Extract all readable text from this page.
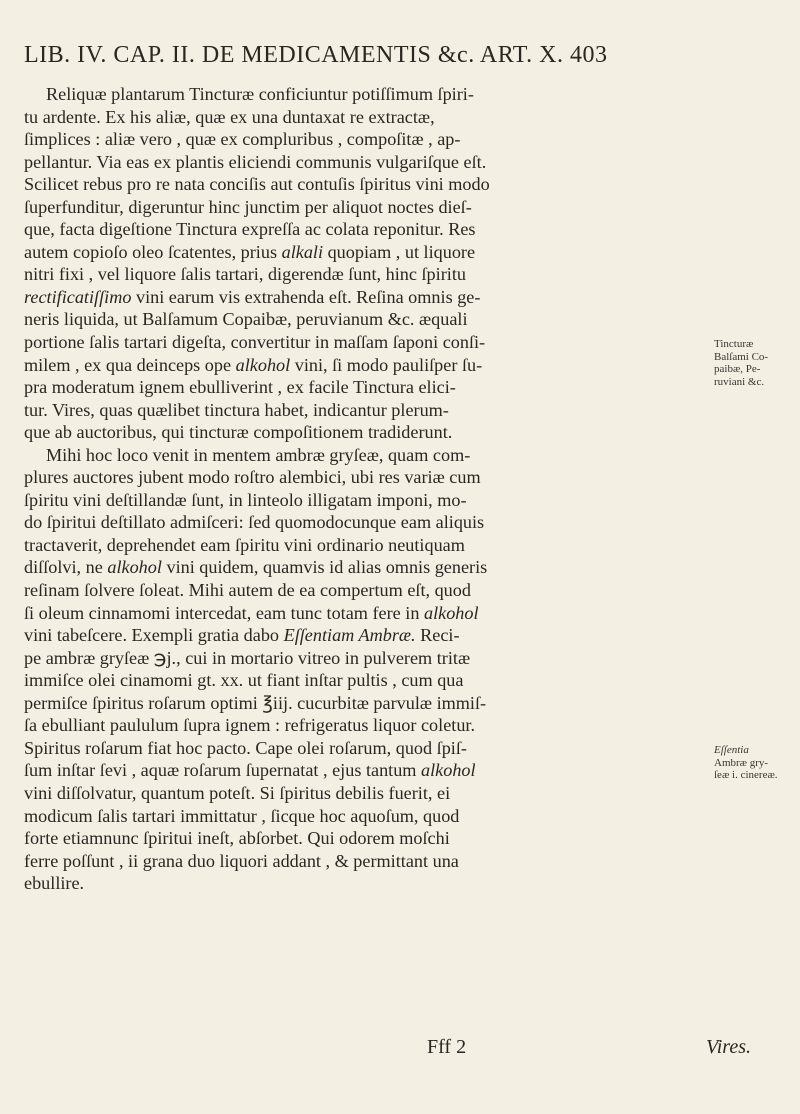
LIB. IV. CAP. II. DE MEDICAMENTIS &c. ART. X. 403
Reliquæ plantarum Tincturæ conficiuntur potiſſimum ſpiri-
tu ardente. Ex his aliæ, quæ ex una duntaxat re extractæ,
ſimplices : aliæ vero , quæ ex compluribus , compoſitæ , ap-
pellantur. Via eas ex plantis eliciendi communis vulgariſque eſt.
Scilicet rebus pro re nata conciſis aut contuſis ſpiritus vini modo
ſuperfunditur, digeruntur hinc junctim per aliquot noctes dieſ-
que, facta digeſtione Tinctura expreſſa ac colata reponitur. Res
autem copioſo oleo ſcatentes, prius alkali quopiam , ut liquore
nitri fixi , vel liquore ſalis tartari, digerendæ ſunt, hinc ſpiritu
rectificatiſſimo vini earum vis extrahenda eſt. Reſina omnis ge-
neris liquida, ut Balſamum Copaibæ, peruvianum &c. æquali
portione ſalis tartari digeſta, convertitur in maſſam ſaponi conſi-
milem , ex qua deinceps ope alkohol vini, ſi modo pauliſper ſu-
pra moderatum ignem ebulliverint , ex facile Tinctura elici-
tur. Vires, quas quælibet tinctura habet, indicantur plerum-
que ab auctoribus, qui tincturæ compoſitionem tradiderunt.
Mihi hoc loco venit in mentem ambræ gryſeæ, quam com-
plures auctores jubent modo roſtro alembici, ubi res variæ cum
ſpiritu vini deſtillandæ ſunt, in linteolo illigatam imponi, mo-
do ſpiritui deſtillato admiſceri: ſed quomodocunque eam aliquis
tractaverit, deprehendet eam ſpiritu vini ordinario neutiquam
diſſolvi, ne alkohol vini quidem, quamvis id alias omnis generis
reſinam ſolvere ſoleat. Mihi autem de ea compertum eſt, quod
ſi oleum cinnamomi intercedat, eam tunc totam fere in alkohol
vini tabeſcere. Exempli gratia dabo Eſſentiam Ambræ. Reci-
pe ambræ gryſeæ ℈j., cui in mortario vitreo in pulverem tritæ
immiſce olei cinamomi gt. xx. ut fiant inſtar pultis , cum qua
permiſce ſpiritus roſarum optimi ℥iij. cucurbitæ parvulæ immiſ-
ſa ebulliant paululum ſupra ignem : refrigeratus liquor coletur.
Spiritus roſarum fiat hoc pacto. Cape olei roſarum, quod ſpiſ-
ſum inſtar ſevi , aquæ roſarum ſupernatat , ejus tantum alkohol
vini diſſolvatur, quantum poteſt. Si ſpiritus debilis fuerit, ei
modicum ſalis tartari immittatur , ſicque hoc aquoſum, quod
forte etiamnunc ſpiritui ineſt, abſorbet. Qui odorem moſchi
ferre poſſunt , ii grana duo liquori addant , & permittant una
ebullire.
Tincturæ
Balſami Co-
paibæ, Pe-
ruviani &c.
Eſſentia
Ambræ gry-
ſeæ i. cinereæ.
Fff 2	Vires.
